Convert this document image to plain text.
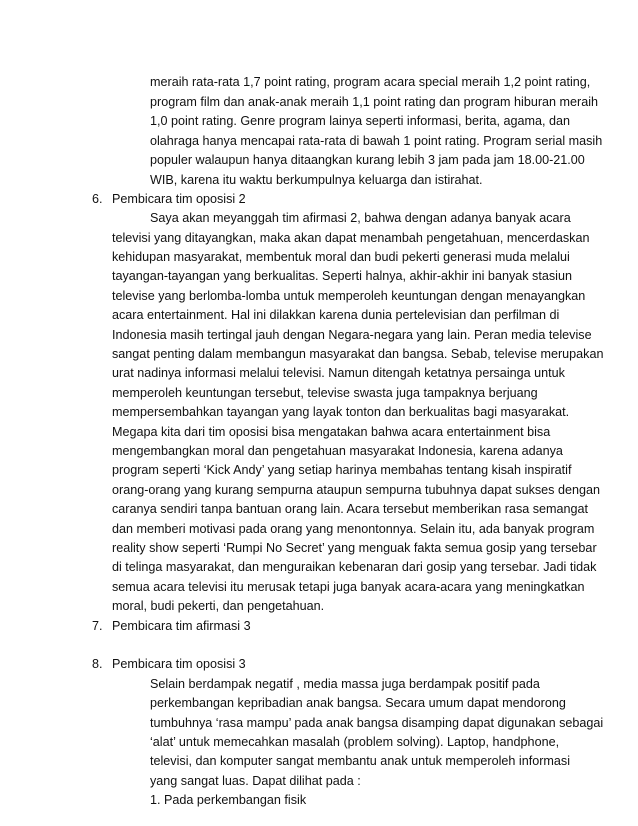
meraih rata-rata 1,7 point rating, program acara special meraih 1,2 point rating,
program film dan anak-anak meraih 1,1 point rating dan program hiburan meraih
1,0 point rating. Genre program lainya seperti informasi, berita, agama, dan
olahraga hanya mencapai rata-rata di bawah 1 point rating. Program serial masih
populer walaupun hanya ditaangkan kurang lebih 3 jam pada jam 18.00-21.00
WIB, karena itu waktu berkumpulnya keluarga dan istirahat.
6. Pembicara tim oposisi 2
Saya akan meyanggah tim afirmasi 2, bahwa dengan adanya banyak acara
televisi yang ditayangkan, maka akan dapat menambah pengetahuan, mencerdaskan
kehidupan masyarakat, membentuk moral dan budi pekerti generasi muda melalui
tayangan-tayangan yang berkualitas. Seperti halnya, akhir-akhir ini banyak stasiun
televise yang berlomba-lomba untuk memperoleh keuntungan dengan menayangkan
acara entertainment. Hal ini dilakkan karena dunia pertelevisian dan perfilman di
Indonesia masih tertingal jauh dengan Negara-negara yang lain. Peran media televise
sangat penting dalam membangun masyarakat dan bangsa. Sebab, televise merupakan
urat nadinya informasi melalui televisi. Namun ditengah ketatnya persainga untuk
memperoleh keuntungan tersebut, televise swasta juga tampaknya berjuang
mempersembahkan tayangan yang layak tonton dan berkualitas bagi masyarakat.
Megapa kita dari tim oposisi bisa mengatakan bahwa acara entertainment bisa
mengembangkan moral dan pengetahuan masyarakat Indonesia, karena adanya
program seperti ‘Kick Andy’ yang setiap harinya membahas tentang kisah inspiratif
orang-orang yang kurang sempurna ataupun sempurna tubuhnya dapat sukses dengan
caranya sendiri tanpa bantuan orang lain. Acara tersebut memberikan rasa semangat
dan memberi motivasi pada orang yang menontonnya. Selain itu, ada banyak program
reality show seperti ‘Rumpi No Secret’ yang menguak fakta semua gosip yang tersebar
di telinga masyarakat, dan menguraikan kebenaran dari gosip yang tersebar. Jadi tidak
semua acara televisi itu merusak tetapi juga banyak acara-acara yang meningkatkan
moral, budi pekerti, dan pengetahuan.
7. Pembicara tim afirmasi 3
8. Pembicara tim oposisi 3
Selain berdampak negatif , media massa juga berdampak positif pada
perkembangan kepribadian anak bangsa. Secara umum dapat mendorong
tumbuhnya ‘rasa mampu’ pada anak bangsa disamping dapat digunakan sebagai
‘alat’ untuk memecahkan masalah (problem solving). Laptop, handphone,
televisi, dan komputer sangat membantu anak untuk memperoleh informasi
yang sangat luas. Dapat dilihat pada :
1. Pada perkembangan fisik
